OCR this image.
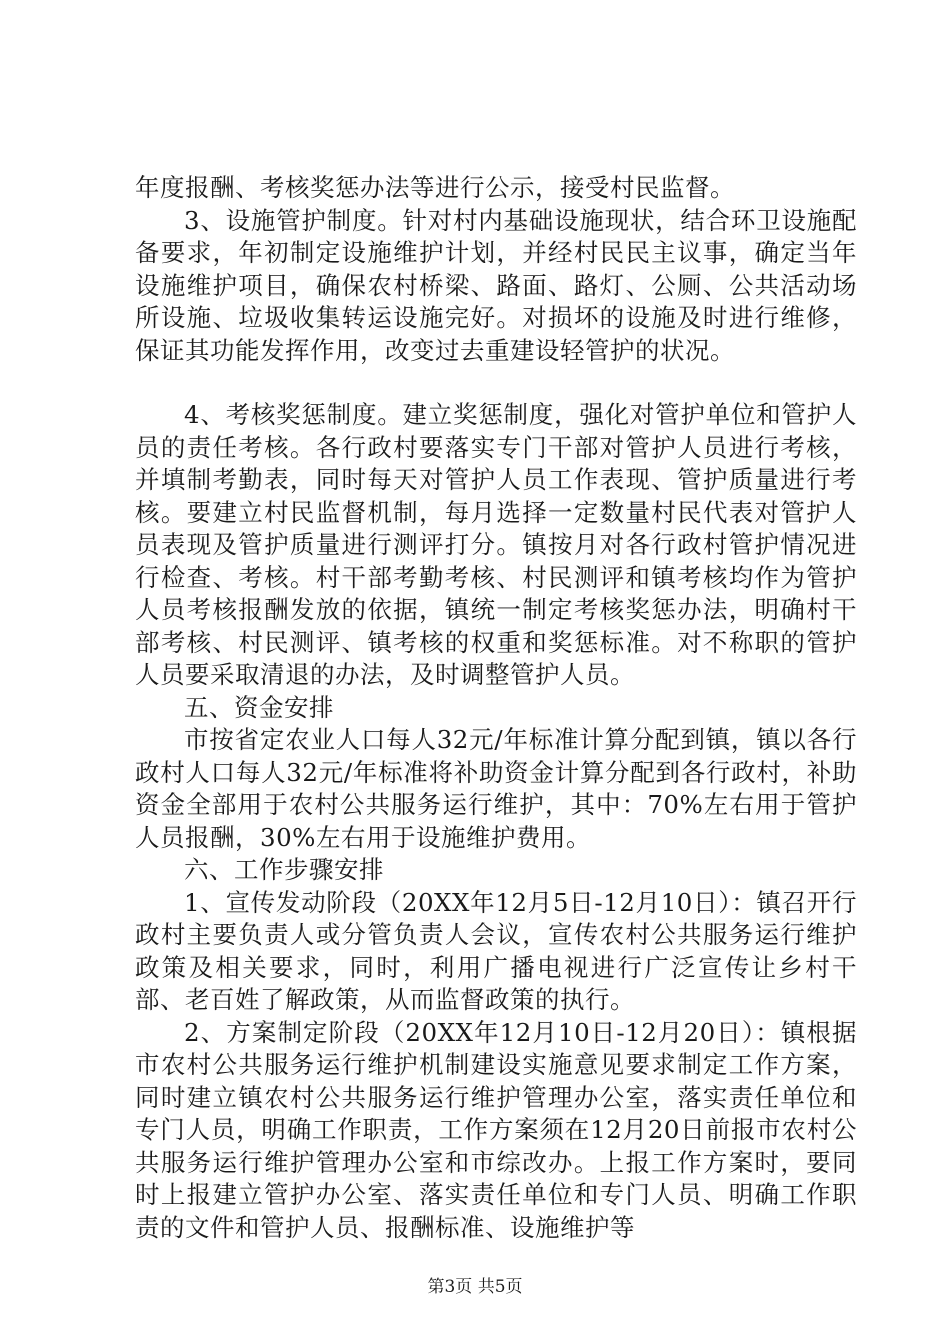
年度报酬、考核奖惩办法等进行公示，接受村民监督。

3、设施管护制度。针对村内基础设施现状，结合环卫设施配备要求，年初制定设施维护计划，并经村民民主议事，确定当年设施维护项目，确保农村桥梁、路面、路灯、公厕、公共活动场所设施、垃圾收集转运设施完好。对损坏的设施及时进行维修，保证其功能发挥作用，改变过去重建设轻管护的状况。

4、考核奖惩制度。建立奖惩制度，强化对管护单位和管护人员的责任考核。各行政村要落实专门干部对管护人员进行考核，并填制考勤表，同时每天对管护人员工作表现、管护质量进行考核。要建立村民监督机制，每月选择一定数量村民代表对管护人员表现及管护质量进行测评打分。镇按月对各行政村管护情况进行检查、考核。村干部考勤考核、村民测评和镇考核均作为管护人员考核报酬发放的依据，镇统一制定考核奖惩办法，明确村干部考核、村民测评、镇考核的权重和奖惩标准。对不称职的管护人员要采取清退的办法，及时调整管护人员。

五、资金安排

市按省定农业人口每人32元/年标准计算分配到镇，镇以各行政村人口每人32元/年标准将补助资金计算分配到各行政村，补助资金全部用于农村公共服务运行维护，其中：70%左右用于管护人员报酬，30%左右用于设施维护费用。

六、工作步骤安排

1、宣传发动阶段（20XX年12月5日-12月10日）：镇召开行政村主要负责人或分管负责人会议，宣传农村公共服务运行维护政策及相关要求，同时，利用广播电视进行广泛宣传让乡村干部、老百姓了解政策，从而监督政策的执行。

2、方案制定阶段（20XX年12月10日-12月20日）：镇根据市农村公共服务运行维护机制建设实施意见要求制定工作方案，同时建立镇农村公共服务运行维护管理办公室，落实责任单位和专门人员，明确工作职责，工作方案须在12月20日前报市农村公共服务运行维护管理办公室和市综改办。上报工作方案时，要同时上报建立管护办公室、落实责任单位和专门人员、明确工作职责的文件和管护人员、报酬标准、设施维护等

第3页 共5页
